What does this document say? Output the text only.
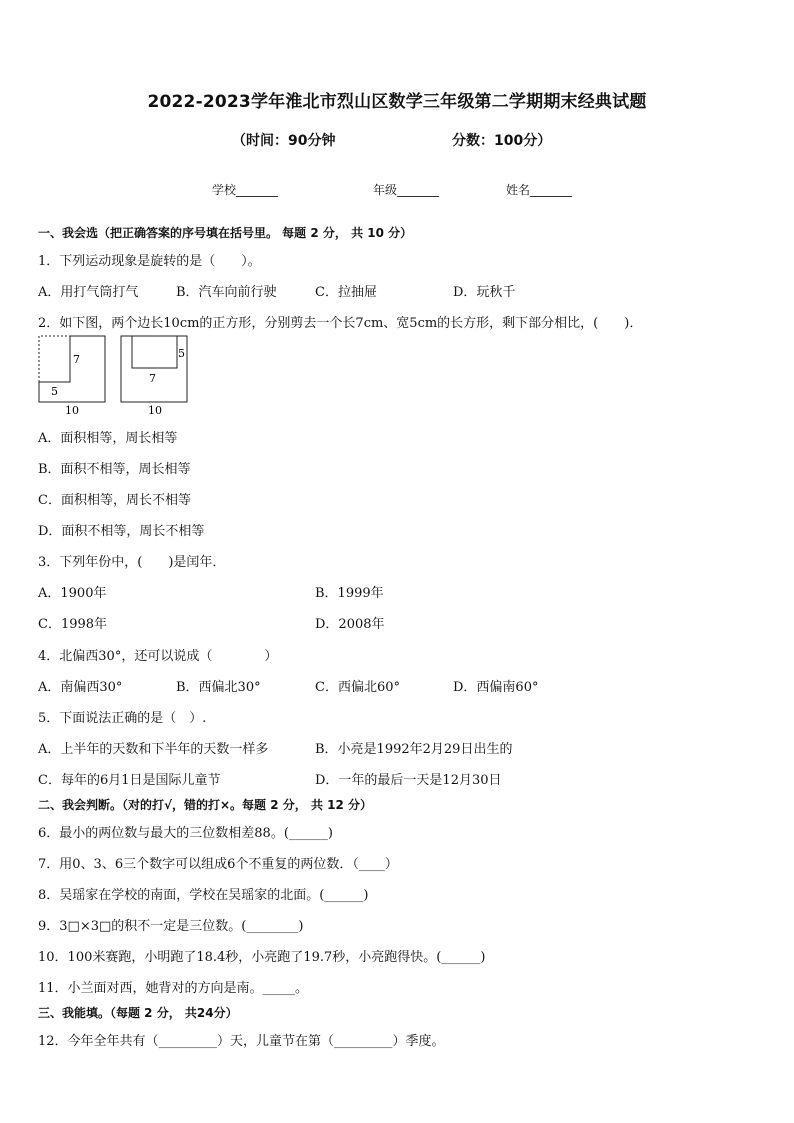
2022-2023学年淮北市烈山区数学三年级第二学期期末经典试题
（时间：90分钟	分数：100分）
学校_______	年级_______	姓名_______
一、我会选（把正确答案的序号填在括号里。 每题 2 分， 共 10 分）
1．下列运动现象是旋转的是（　　）。
A．用打气筒打气	B．汽车向前行驶	C．拉抽屉	D．玩秋千
2．如下图，两个边长10cm的正方形，分别剪去一个长7cm、宽5cm的长方形，剩下部分相比，(　　)．
7
5
10
5
7
10
A．面积相等，周长相等
B．面积不相等，周长相等
C．面积相等，周长不相等
D．面积不相等，周长不相等
3．下列年份中，(　　)是闰年．
A．1900年	B．1999年
C．1998年	D．2008年
4．北偏西30°，还可以说成（　　　　）
A．南偏西30°	B．西偏北30°	C．西偏北60°	D．西偏南60°
5．下面说法正确的是（　）.
A．上半年的天数和下半年的天数一样多	B．小亮是1992年2月29日出生的
C．每年的6月1日是国际儿童节	D．一年的最后一天是12月30日
二、我会判断。（对的打√，错的打×。每题 2 分， 共 12 分）
6．最小的两位数与最大的三位数相差88。(______)
7．用0、3、6三个数字可以组成6个不重复的两位数．（____）
8．吴瑶家在学校的南面，学校在吴瑶家的北面。(______)
9．3□×3□的积不一定是三位数。(________)
10．100米赛跑，小明跑了18.4秒，小亮跑了19.7秒，小亮跑得快。(______)
11．小兰面对西，她背对的方向是南。_____。
三、我能填。（每题 2 分， 共24分）
12．今年全年共有（_________）天，儿童节在第（_________）季度。
